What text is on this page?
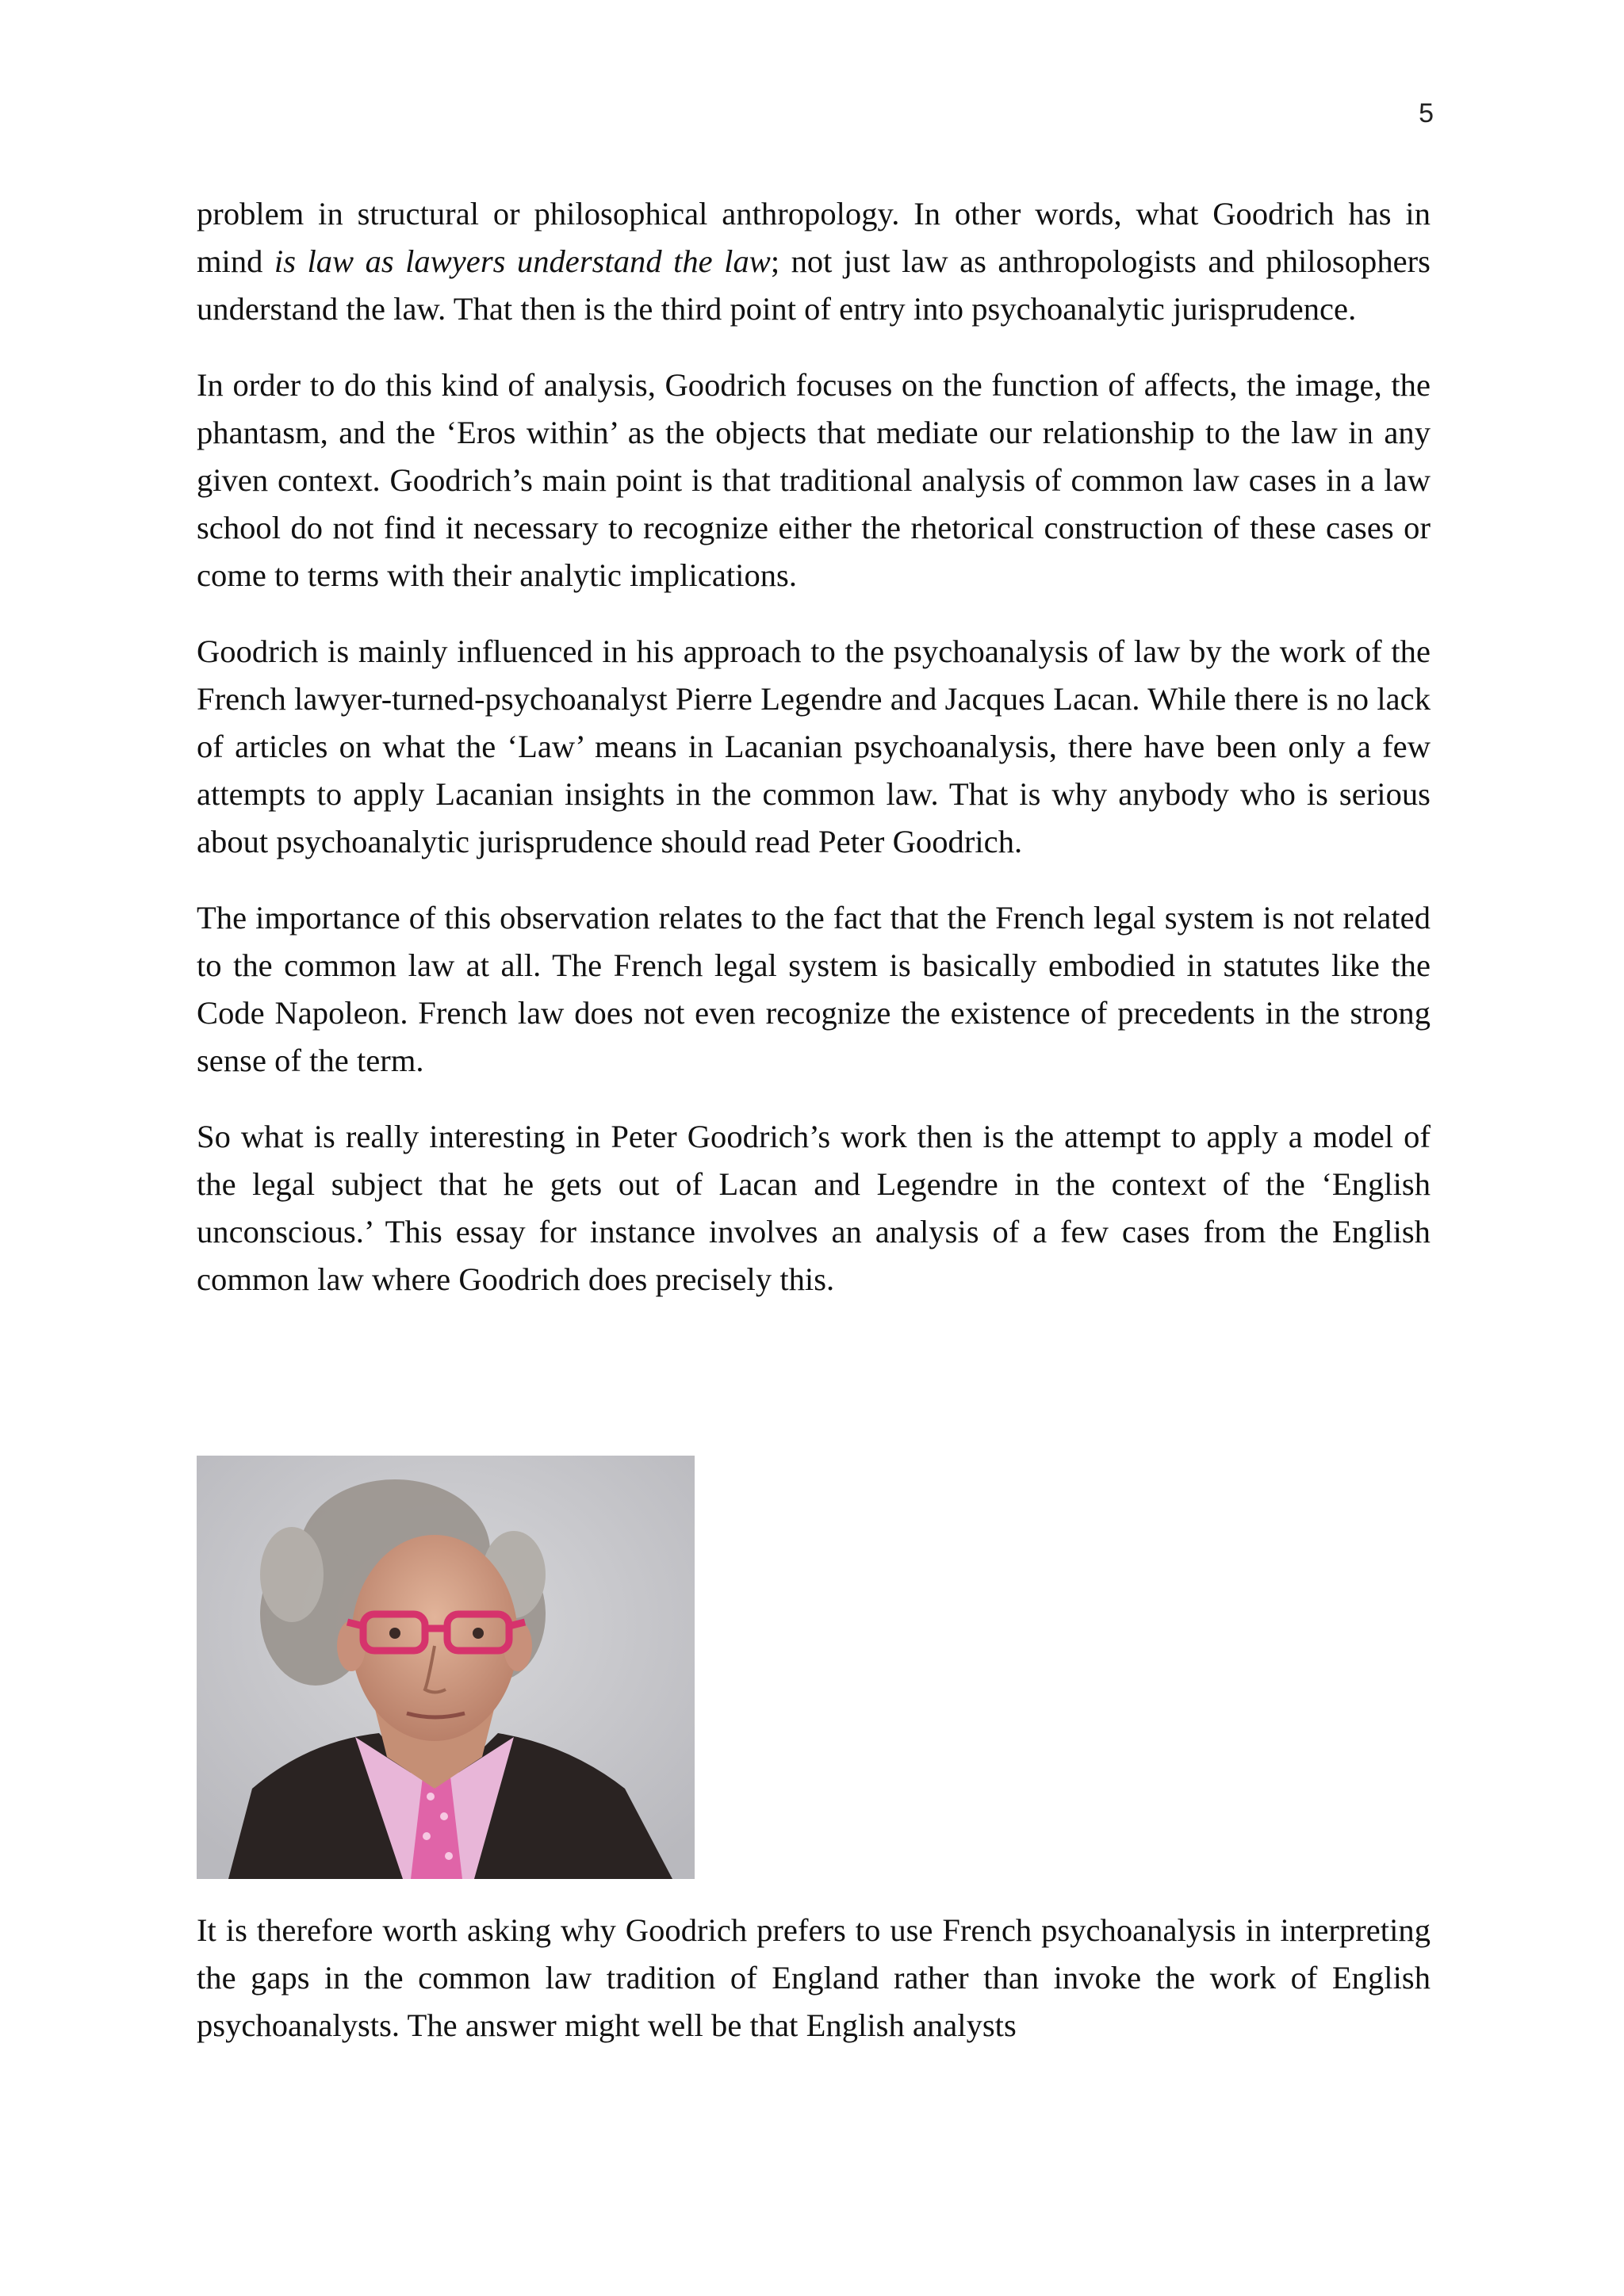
5

problem in structural or philosophical anthropology. In other words, what Goodrich has in mind is law as lawyers understand the law; not just law as anthropologists and philosophers understand the law. That then is the third point of entry into psychoanalytic jurisprudence.

In order to do this kind of analysis, Goodrich focuses on the function of affects, the image, the phantasm, and the ‘Eros within’ as the objects that mediate our relationship to the law in any given context. Goodrich’s main point is that traditional analysis of common law cases in a law school do not find it necessary to recognize either the rhetorical construction of these cases or come to terms with their analytic implications.

Goodrich is mainly influenced in his approach to the psychoanalysis of law by the work of the French lawyer-turned-psychoanalyst Pierre Legendre and Jacques Lacan. While there is no lack of articles on what the ‘Law’ means in Lacanian psychoanalysis, there have been only a few attempts to apply Lacanian insights in the common law. That is why anybody who is serious about psychoanalytic jurisprudence should read Peter Goodrich.

The importance of this observation relates to the fact that the French legal system is not related to the common law at all. The French legal system is basically embodied in statutes like the Code Napoleon. French law does not even recognize the existence of precedents in the strong sense of the term.

So what is really interesting in Peter Goodrich’s work then is the attempt to apply a model of the legal subject that he gets out of Lacan and Legendre in the context of the ‘English unconscious.’ This essay for instance involves an analysis of a few cases from the English common law where Goodrich does precisely this.

It is therefore worth asking why Goodrich prefers to use French psychoanalysis in interpreting the gaps in the common law tradition of England rather than invoke the work of English psychoanalysts. The answer might well be that English analysts
